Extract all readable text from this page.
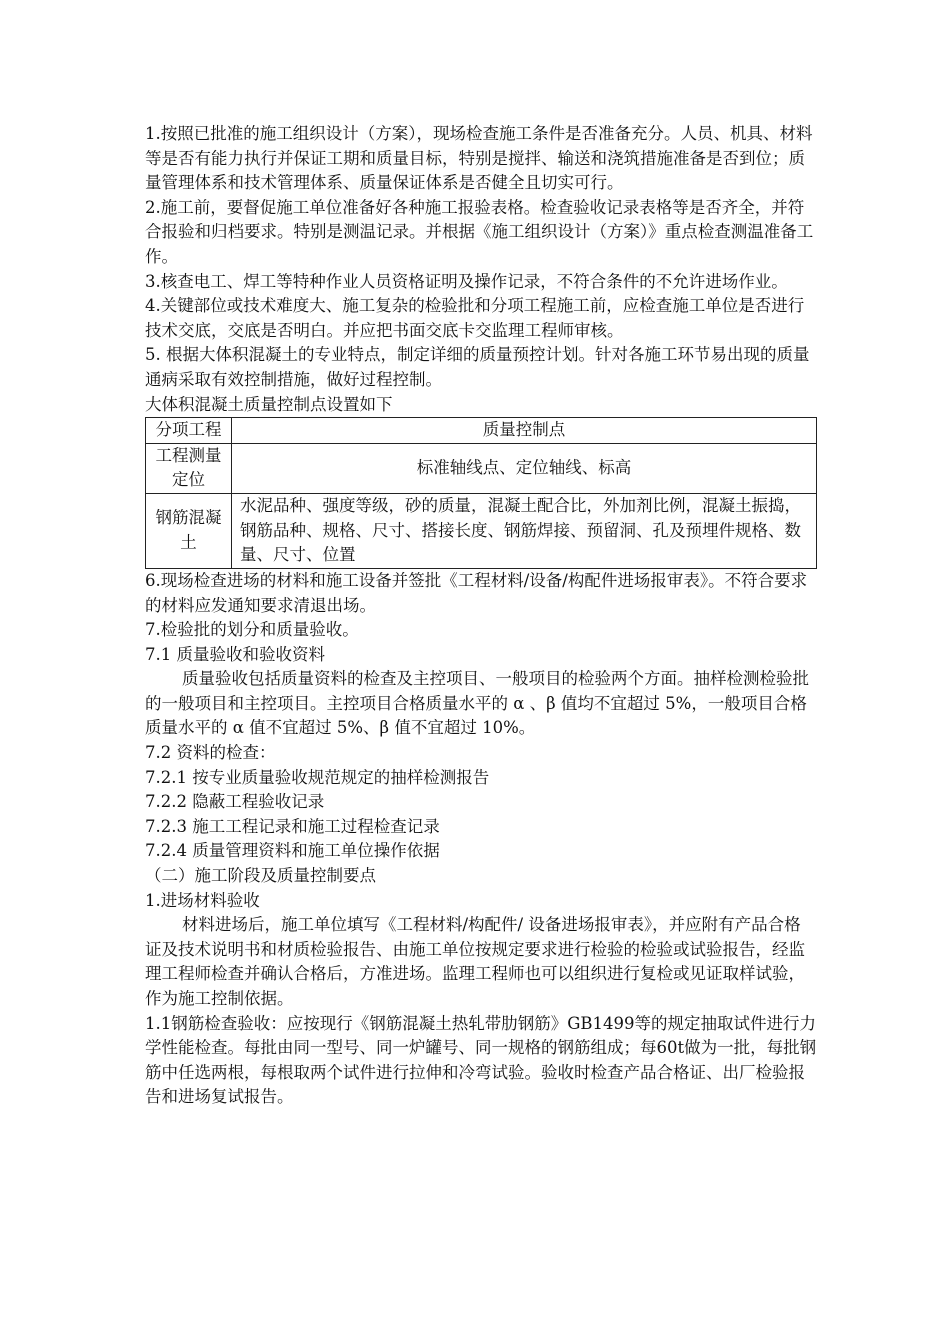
1.按照已批准的施工组织设计（方案），现场检查施工条件是否准备充分。人员、机具、材料等是否有能力执行并保证工期和质量目标，特别是搅拌、输送和浇筑措施准备是否到位；质量管理体系和技术管理体系、质量保证体系是否健全且切实可行。

2.施工前，要督促施工单位准备好各种施工报验表格。检查验收记录表格等是否齐全，并符合报验和归档要求。特别是测温记录。并根据《施工组织设计（方案）》重点检查测温准备工作。

3.核查电工、焊工等特种作业人员资格证明及操作记录，不符合条件的不允许进场作业。

4.关键部位或技术难度大、施工复杂的检验批和分项工程施工前，应检查施工单位是否进行技术交底，交底是否明白。并应把书面交底卡交监理工程师审核。

5. 根据大体积混凝土的专业特点，制定详细的质量预控计划。针对各施工环节易出现的质量通病采取有效控制措施，做好过程控制。

大体积混凝土质量控制点设置如下

分项工程	质量控制点
工程测量定位	标准轴线点、定位轴线、标高
钢筋混凝土	水泥品种、强度等级，砂的质量，混凝土配合比，外加剂比例，混凝土振捣，钢筋品种、规格、尺寸、搭接长度、钢筋焊接、预留洞、孔及预埋件规格、数量、尺寸、位置

6.现场检查进场的材料和施工设备并签批《工程材料/设备/构配件进场报审表》。不符合要求的材料应发通知要求清退出场。

7.检验批的划分和质量验收。

7.1 质量验收和验收资料

质量验收包括质量资料的检查及主控项目、一般项目的检验两个方面。抽样检测检验批的一般项目和主控项目。主控项目合格质量水平的 α 、β 值均不宜超过 5%，一般项目合格质量水平的 α 值不宜超过 5%、β 值不宜超过 10%。

7.2 资料的检查：

7.2.1 按专业质量验收规范规定的抽样检测报告

7.2.2 隐蔽工程验收记录

7.2.3 施工工程记录和施工过程检查记录

7.2.4 质量管理资料和施工单位操作依据

（二）施工阶段及质量控制要点

1.进场材料验收

材料进场后，施工单位填写《工程材料/构配件/ 设备进场报审表》，并应附有产品合格证及技术说明书和材质检验报告、由施工单位按规定要求进行检验的检验或试验报告，经监理工程师检查并确认合格后，方准进场。监理工程师也可以组织进行复检或见证取样试验，作为施工控制依据。

1.1钢筋检查验收：应按现行《钢筋混凝土热轧带肋钢筋》GB1499等的规定抽取试件进行力学性能检查。每批由同一型号、同一炉罐号、同一规格的钢筋组成；每60t做为一批，每批钢筋中任选两根，每根取两个试件进行拉伸和冷弯试验。验收时检查产品合格证、出厂检验报告和进场复试报告。
